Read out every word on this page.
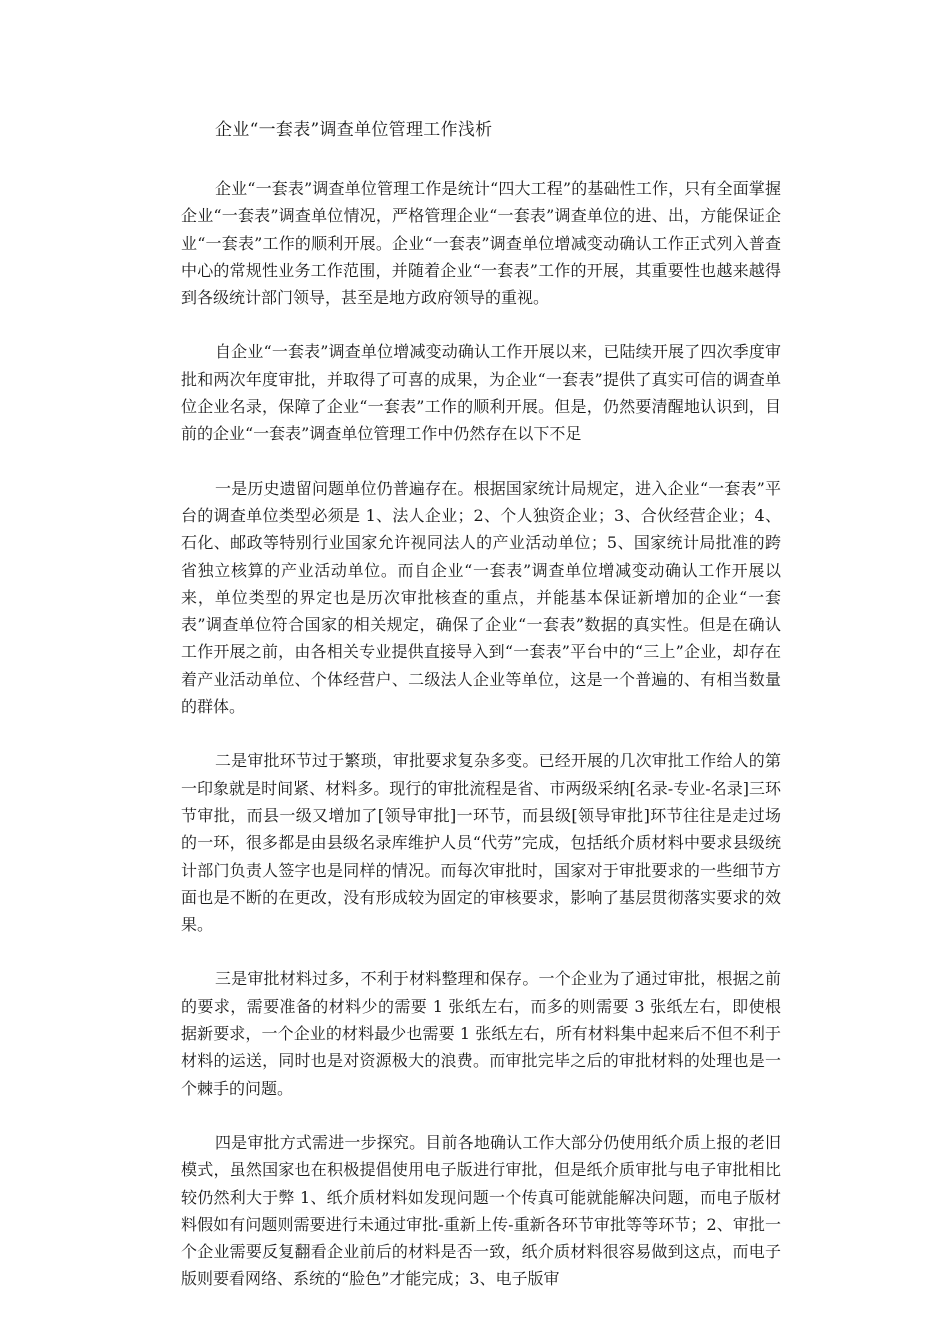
企业“一套表”调查单位管理工作浅析

企业“一套表”调查单位管理工作是统计“四大工程”的基础性工作，只有全面掌握企业“一套表”调查单位情况，严格管理企业“一套表”调查单位的进、出，方能保证企业“一套表”工作的顺利开展。企业“一套表”调查单位增减变动确认工作正式列入普查中心的常规性业务工作范围，并随着企业“一套表”工作的开展，其重要性也越来越得到各级统计部门领导，甚至是地方政府领导的重视。

自企业“一套表”调查单位增减变动确认工作开展以来，已陆续开展了四次季度审批和两次年度审批，并取得了可喜的成果，为企业“一套表”提供了真实可信的调查单位企业名录，保障了企业“一套表”工作的顺利开展。但是，仍然要清醒地认识到，目前的企业“一套表”调查单位管理工作中仍然存在以下不足

一是历史遗留问题单位仍普遍存在。根据国家统计局规定，进入企业“一套表”平台的调查单位类型必须是 1、法人企业；2、个人独资企业；3、合伙经营企业；4、石化、邮政等特别行业国家允许视同法人的产业活动单位；5、国家统计局批准的跨省独立核算的产业活动单位。而自企业“一套表”调查单位增减变动确认工作开展以来，单位类型的界定也是历次审批核查的重点，并能基本保证新增加的企业“一套表”调查单位符合国家的相关规定，确保了企业“一套表”数据的真实性。但是在确认工作开展之前，由各相关专业提供直接导入到“一套表”平台中的“三上”企业，却存在着产业活动单位、个体经营户、二级法人企业等单位，这是一个普遍的、有相当数量的群体。

二是审批环节过于繁琐，审批要求复杂多变。已经开展的几次审批工作给人的第一印象就是时间紧、材料多。现行的审批流程是省、市两级采纳[名录-专业-名录]三环节审批，而县一级又增加了[领导审批]一环节，而县级[领导审批]环节往往是走过场的一环，很多都是由县级名录库维护人员“代劳”完成，包括纸介质材料中要求县级统计部门负责人签字也是同样的情况。而每次审批时，国家对于审批要求的一些细节方面也是不断的在更改，没有形成较为固定的审核要求，影响了基层贯彻落实要求的效果。

三是审批材料过多，不利于材料整理和保存。一个企业为了通过审批，根据之前的要求，需要准备的材料少的需要 1 张纸左右，而多的则需要 3 张纸左右，即使根据新要求，一个企业的材料最少也需要 1 张纸左右，所有材料集中起来后不但不利于材料的运送，同时也是对资源极大的浪费。而审批完毕之后的审批材料的处理也是一个棘手的问题。

四是审批方式需进一步探究。目前各地确认工作大部分仍使用纸介质上报的老旧模式，虽然国家也在积极提倡使用电子版进行审批，但是纸介质审批与电子审批相比较仍然利大于弊 1、纸介质材料如发现问题一个传真可能就能解决问题，而电子版材料假如有问题则需要进行未通过审批-重新上传-重新各环节审批等等环节；2、审批一个企业需要反复翻看企业前后的材料是否一致，纸介质材料很容易做到这点，而电子版则要看网络、系统的“脸色”才能完成；3、电子版审
